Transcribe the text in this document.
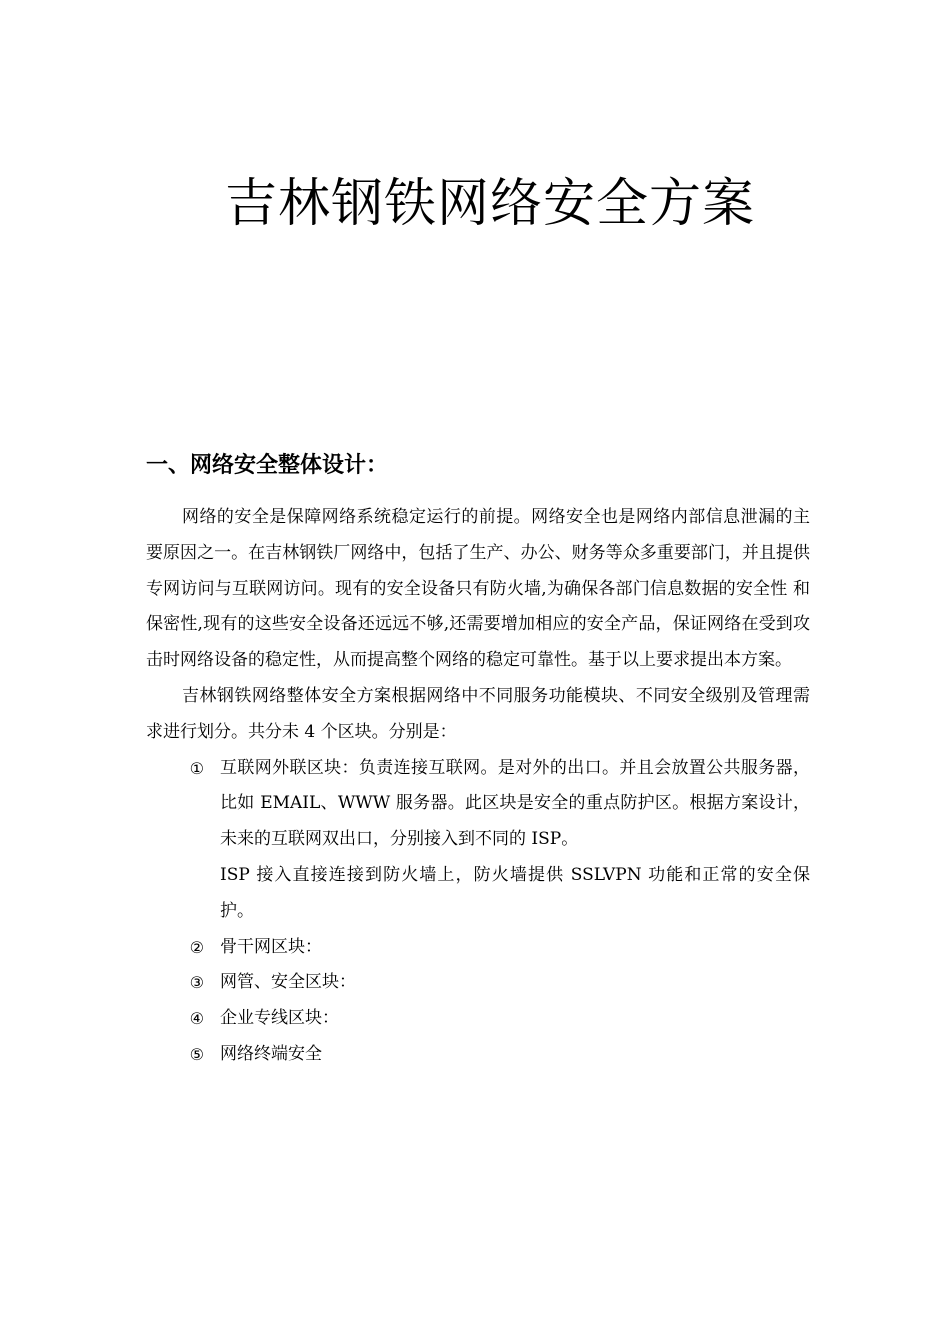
吉林钢铁网络安全方案
一、网络安全整体设计：

网络的安全是保障网络系统稳定运行的前提。网络安全也是网络内部信息泄漏的主要原因之一。在吉林钢铁厂网络中，包括了生产、办公、财务等众多重要部门，并且提供专网访问与互联网访问。现有的安全设备只有防火墙,为确保各部门信息数据的安全性 和保密性,现有的这些安全设备还远远不够,还需要增加相应的安全产品，保证网络在受到攻击时网络设备的稳定性，从而提高整个网络的稳定可靠性。基于以上要求提出本方案。

吉林钢铁网络整体安全方案根据网络中不同服务功能模块、不同安全级别及管理需求进行划分。共分未 4 个区块。分别是：

① 互联网外联区块：负责连接互联网。是对外的出口。并且会放置公共服务器，比如 EMAIL、WWW 服务器。此区块是安全的重点防护区。根据方案设计，未来的互联网双出口，分别接入到不同的 ISP。
ISP 接入直接连接到防火墙上，防火墙提供 SSLVPN 功能和正常的安全保护。
② 骨干网区块：
③ 网管、安全区块：
④ 企业专线区块：
⑤ 网络终端安全
